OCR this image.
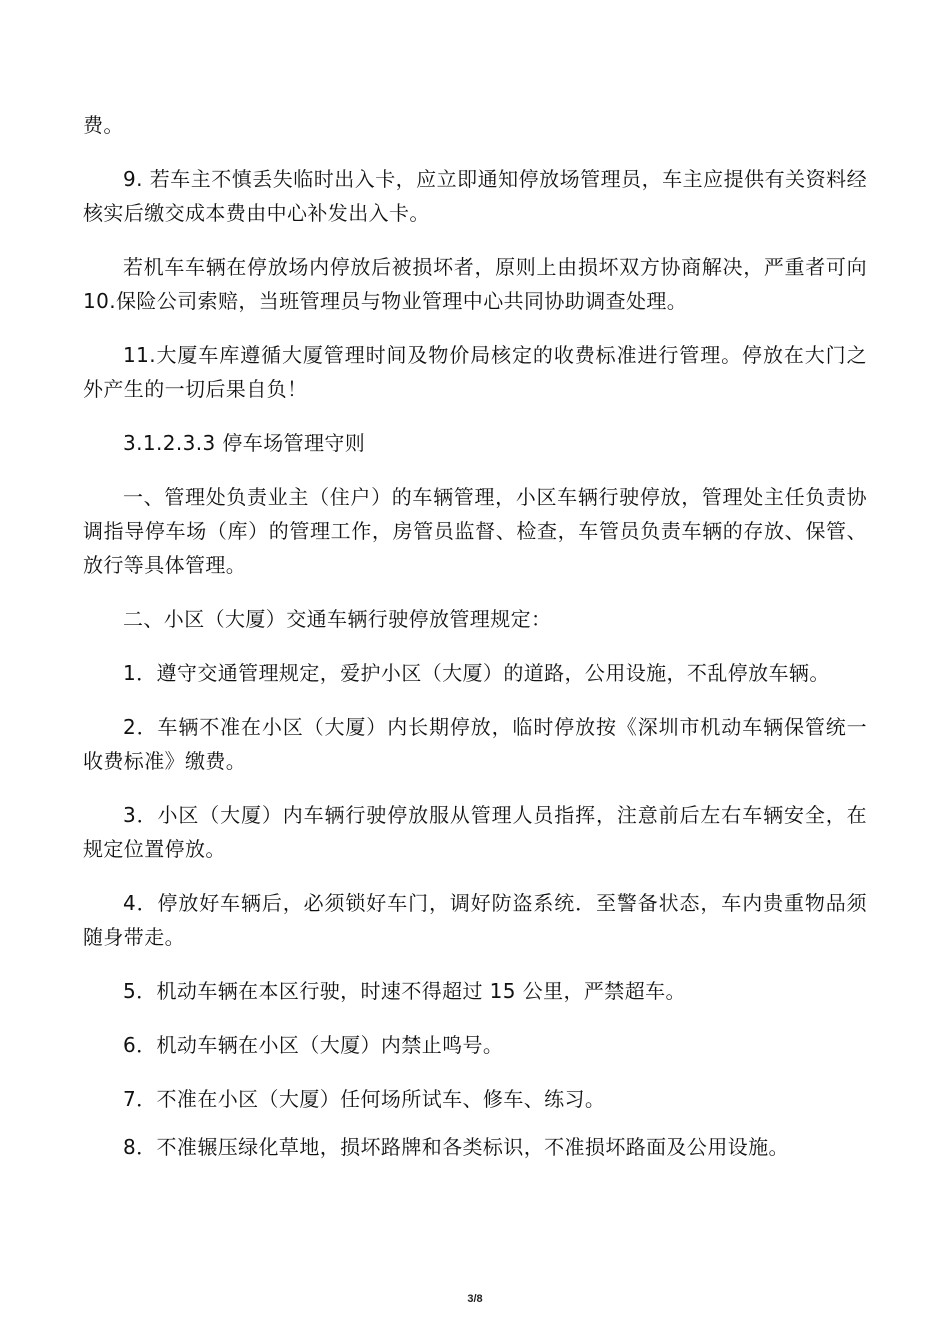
费。

9. 若车主不慎丢失临时出入卡，应立即通知停放场管理员，车主应提供有关资料经核实后缴交成本费由中心补发出入卡。

若机车车辆在停放场内停放后被损坏者，原则上由损坏双方协商解决，严重者可向 10.保险公司索赔，当班管理员与物业管理中心共同协助调查处理。

11.大厦车库遵循大厦管理时间及物价局核定的收费标准进行管理。停放在大门之外产生的一切后果自负！

3.1.2.3.3 停车场管理守则

一、管理处负责业主（住户）的车辆管理，小区车辆行驶停放，管理处主任负责协调指导停车场（库）的管理工作，房管员监督、检查，车管员负责车辆的存放、保管、放行等具体管理。

二、小区（大厦）交通车辆行驶停放管理规定：

1．遵守交通管理规定，爱护小区（大厦）的道路，公用设施，不乱停放车辆。

2．车辆不准在小区（大厦）内长期停放，临时停放按《深圳市机动车辆保管统一收费标准》缴费。

3．小区（大厦）内车辆行驶停放服从管理人员指挥，注意前后左右车辆安全，在规定位置停放。

4．停放好车辆后，必须锁好车门，调好防盗系统．至警备状态，车内贵重物品须随身带走。

5．机动车辆在本区行驶，时速不得超过 15 公里，严禁超车。

6．机动车辆在小区（大厦）内禁止鸣号。

7．不准在小区（大厦）任何场所试车、修车、练习。

8．不准辗压绿化草地，损坏路牌和各类标识，不准损坏路面及公用设施。

3/8
